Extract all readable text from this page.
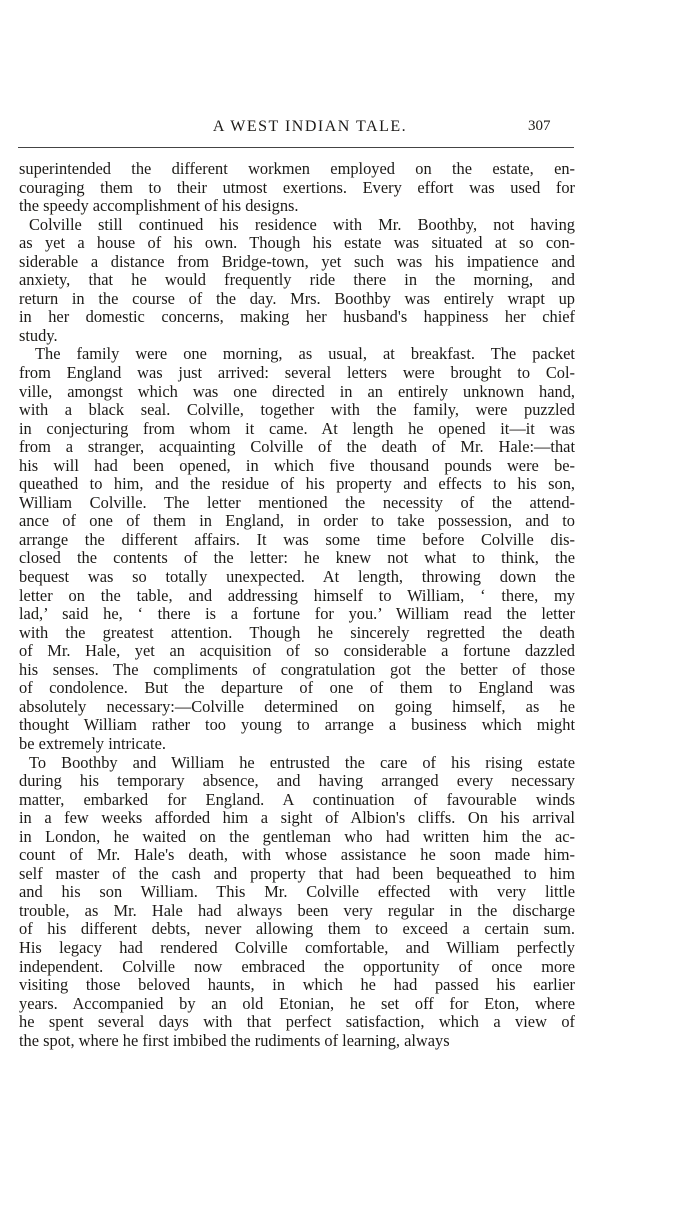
A WEST INDIAN TALE.	307
superintended the different workmen employed on the estate, en-
couraging them to their utmost exertions. Every effort was used for
the speedy accomplishment of his designs.
Colville still continued his residence with Mr. Boothby, not having
as yet a house of his own. Though his estate was situated at so con-
siderable a distance from Bridge-town, yet such was his impatience and
anxiety, that he would frequently ride there in the morning, and
return in the course of the day. Mrs. Boothby was entirely wrapt up
in her domestic concerns, making her husband's happiness her chief
study.
The family were one morning, as usual, at breakfast. The packet
from England was just arrived: several letters were brought to Col-
ville, amongst which was one directed in an entirely unknown hand,
with a black seal. Colville, together with the family, were puzzled
in conjecturing from whom it came. At length he opened it—it was
from a stranger, acquainting Colville of the death of Mr. Hale:—that
his will had been opened, in which five thousand pounds were be-
queathed to him, and the residue of his property and effects to his son,
William Colville. The letter mentioned the necessity of the attend-
ance of one of them in England, in order to take possession, and to
arrange the different affairs. It was some time before Colville dis-
closed the contents of the letter: he knew not what to think, the
bequest was so totally unexpected. At length, throwing down the
letter on the table, and addressing himself to William, ‘ there, my
lad,’ said he, ‘ there is a fortune for you.’ William read the letter
with the greatest attention. Though he sincerely regretted the death
of Mr. Hale, yet an acquisition of so considerable a fortune dazzled
his senses. The compliments of congratulation got the better of those
of condolence. But the departure of one of them to England was
absolutely necessary:—Colville determined on going himself, as he
thought William rather too young to arrange a business which might
be extremely intricate.
To Boothby and William he entrusted the care of his rising estate
during his temporary absence, and having arranged every necessary
matter, embarked for England. A continuation of favourable winds
in a few weeks afforded him a sight of Albion's cliffs. On his arrival
in London, he waited on the gentleman who had written him the ac-
count of Mr. Hale's death, with whose assistance he soon made him-
self master of the cash and property that had been bequeathed to him
and his son William. This Mr. Colville effected with very little
trouble, as Mr. Hale had always been very regular in the discharge
of his different debts, never allowing them to exceed a certain sum.
His legacy had rendered Colville comfortable, and William perfectly
independent. Colville now embraced the opportunity of once more
visiting those beloved haunts, in which he had passed his earlier
years. Accompanied by an old Etonian, he set off for Eton, where
he spent several days with that perfect satisfaction, which a view of
the spot, where he first imbibed the rudiments of learning, always
